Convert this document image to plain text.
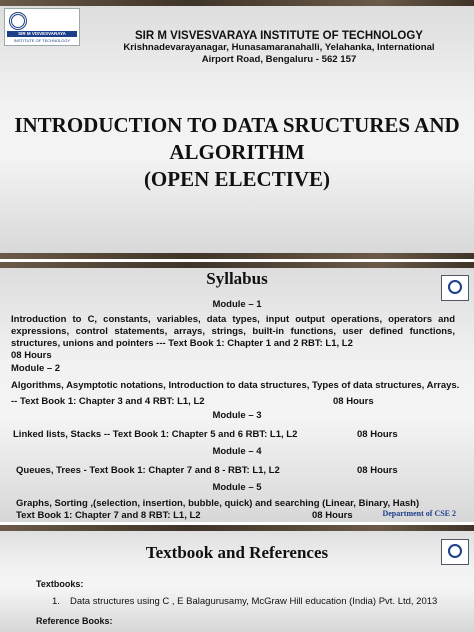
SIR M VISVESVARAYA
INSTITUTE OF TECHNOLOGY	SIR M VISVESVARAYA INSTITUTE OF TECHNOLOGY
Krishnadevarayanagar, Hunasamaranahalli, Yelahanka, International
Airport Road, Bengaluru - 562 157
INTRODUCTION TO DATA SRUCTURES AND
ALGORITHM
(OPEN ELECTIVE)
Syllabus
Module – 1
Introduction to C, constants, variables, data types, input output operations, operators and expressions, control statements, arrays, strings, built-in functions, user defined functions, structures, unions and pointers --- Text Book 1: Chapter 1 and 2 RBT: L1, L2
08 Hours
Module – 2
Algorithms, Asymptotic notations, Introduction to data structures, Types of data structures, Arrays.
-- Text Book 1: Chapter 3 and 4 RBT: L1, L2	08 Hours
Module – 3
Linked lists, Stacks -- Text Book 1: Chapter 5 and 6 RBT: L1, L2	08 Hours
Module – 4
Queues, Trees - Text Book 1: Chapter 7 and 8 - RBT: L1, L2	08 Hours
Module – 5
Graphs, Sorting ,(selection, insertion, bubble, quick) and searching (Linear, Binary, Hash)
Text Book 1: Chapter 7 and 8 RBT: L1, L2	08 Hours	Department of CSE 2
Textbook and References
Textbooks:
1. Data structures using C , E Balagurusamy, McGraw Hill education (India) Pvt. Ltd, 2013
Reference Books:
